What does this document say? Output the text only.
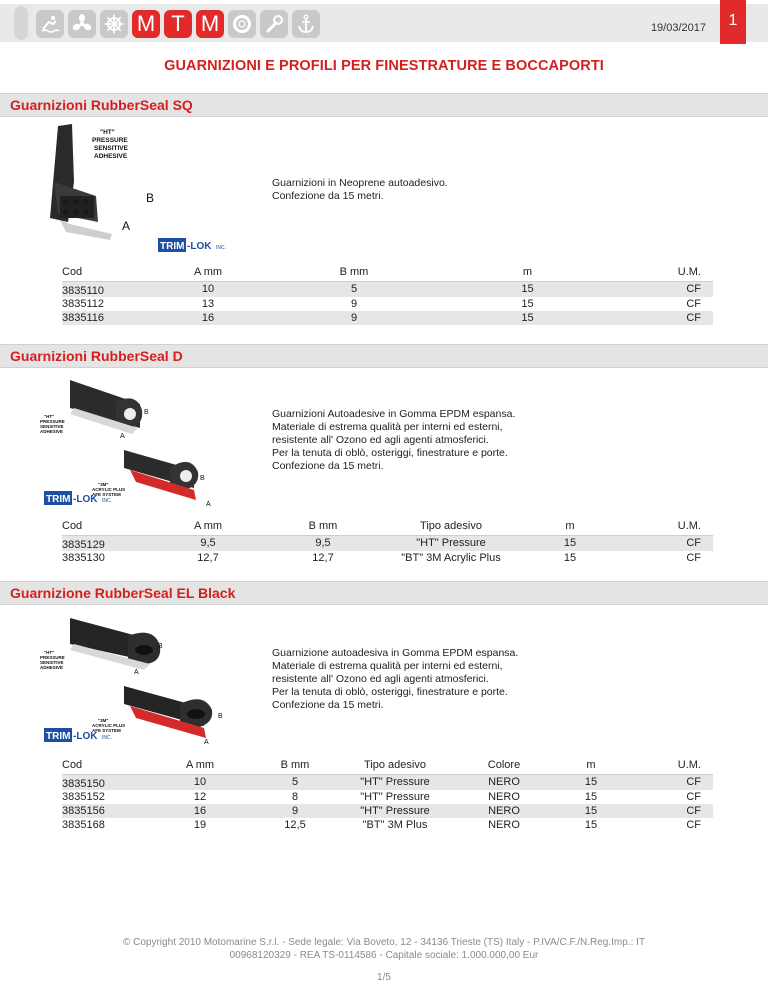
M T M	19/03/2017	1
GUARNIZIONI E PROFILI PER FINESTRATURE E BOCCAPORTI
Guarnizioni RubberSeal SQ
"HT"
PRESSURE
SENSITIVE
ADHESIVE
B
A
TRIM -LOK INC.
Guarnizioni in Neoprene autoadesivo.
Confezione da 15 metri.
Cod	A mm	B mm	m	U.M.
3835110	10	5	15	CF
3835112	13	9	15	CF
3835116	16	9	15	CF
Guarnizioni RubberSeal D
"HT"
PRESSURE
SENSITIVE
ADHESIVE
B
A
"3M"
ACRYLIC PLUS
AFE SYSTEM
B
A
TRIM -LOK INC.
Guarnizioni Autoadesive in Gomma EPDM espansa.
Materiale di estrema qualità per interni ed esterni,
resistente all' Ozono ed agli agenti atmosferici.
Per la tenuta di oblò, osteriggi, finestrature e porte.
Confezione da 15 metri.
Cod	A mm	B mm	Tipo adesivo	m	U.M.
3835129	9,5	9,5	"HT" Pressure	15	CF
3835130	12,7	12,7	"BT" 3M Acrylic Plus	15	CF
Guarnizione RubberSeal EL Black
"HT"
PRESSURE
SENSITIVE
ADHESIVE
B
A
"3M"
ACRYLIC PLUS
AFE SYSTEM
B
A
TRIM -LOK INC.
Guarnizione autoadesiva in Gomma EPDM espansa.
Materiale di estrema qualità per interni ed esterni,
resistente all' Ozono ed agli agenti atmosferici.
Per la tenuta di oblò, osteriggi, finestrature e porte.
Confezione da 15 metri.
Cod	A mm	B mm	Tipo adesivo	Colore	m	U.M.
3835150	10	5	"HT" Pressure	NERO	15	CF
3835152	12	8	"HT" Pressure	NERO	15	CF
3835156	16	9	"HT" Pressure	NERO	15	CF
3835168	19	12,5	"BT" 3M Plus	NERO	15	CF
© Copyright 2010 Motomarine S.r.l. - Sede legale: Via Boveto, 12 - 34136 Trieste (TS) Italy - P.IVA/C.F./N.Reg.Imp.: IT
00968120329 - REA TS-0114586 - Capitale sociale: 1.000.000,00 Eur
1/5
